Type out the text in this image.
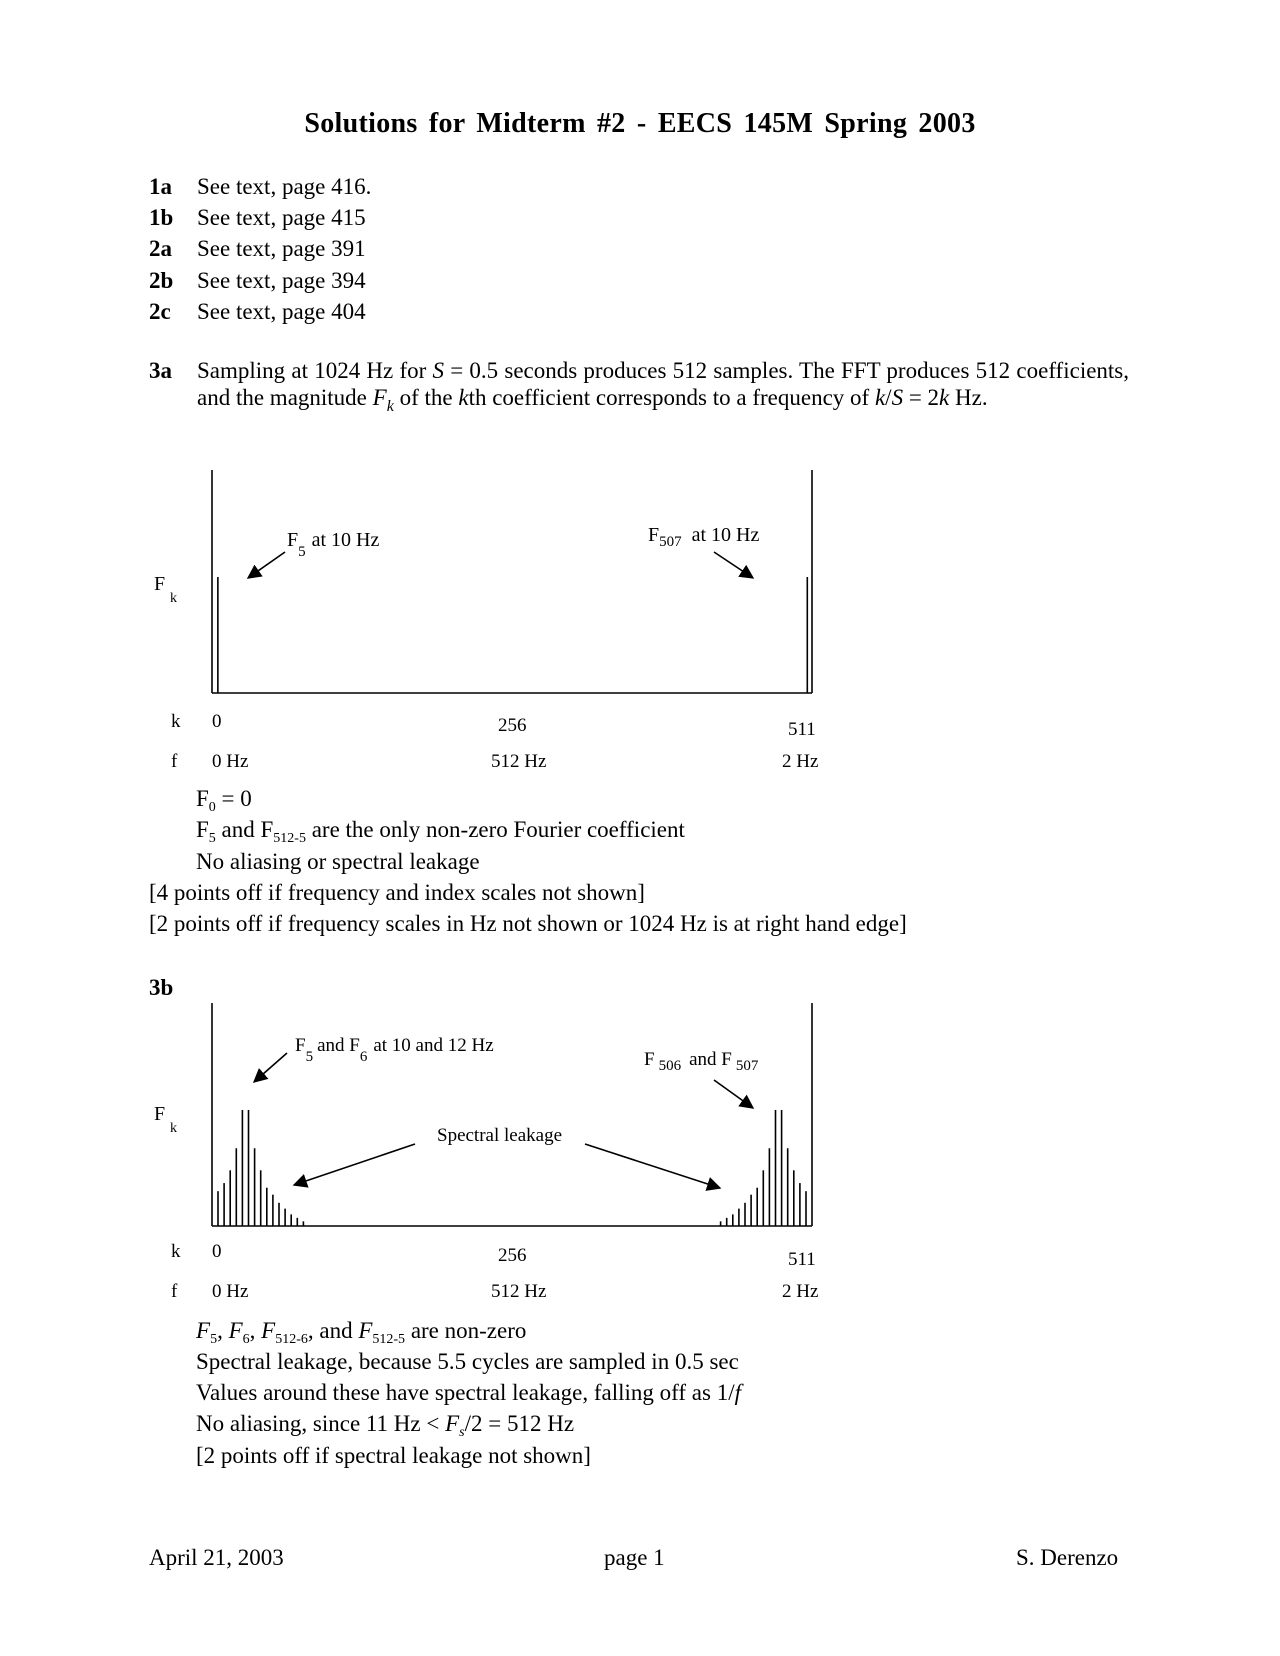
Solutions for Midterm #2 - EECS 145M Spring 2003
1a See text, page 416.
1b See text, page 415
2a See text, page 391
2b See text, page 394
2c See text, page 404
3a Sampling at 1024 Hz for S = 0.5 seconds produces 512 samples. The FFT produces 512 coefficients, and the magnitude $F_k$ of the kth coefficient corresponds to a frequency of k/S = 2k Hz.
F
k
$F_5at$ 10 Hz	$F_{507}$ at 10 Hz
k 0	256	511
f 0 Hz	512 Hz	2 Hz
$F_0 = 0$
$F_5$ and $F_{512-5}$ are the only non-zero Fourier coefficient
No aliasing or spectral leakage
[4 points off if frequency and index scales not shown]
[2 points off if frequency scales in Hz not shown or 1024 Hz is at right hand edge]
3b
F
k
$F_5and$ $F_6at$ 10 and 12 Hz
F $_{506}$ and F $_{507}$
Spectral leakage
k 0	256	511
f 0 Hz	512 Hz	2 Hz
$F_5$, $F_6$, $F_{512-6}$, and $F_{512-5}$ are non-zero
Spectral leakage, because 5.5 cycles are sampled in 0.5 sec
Values around these have spectral leakage, falling off as 1/f
No aliasing, since 11 $Hz < F_s/2 = 512$ Hz
[2 points off if spectral leakage not shown]
April 21, 2003	page 1	S. Derenzo
